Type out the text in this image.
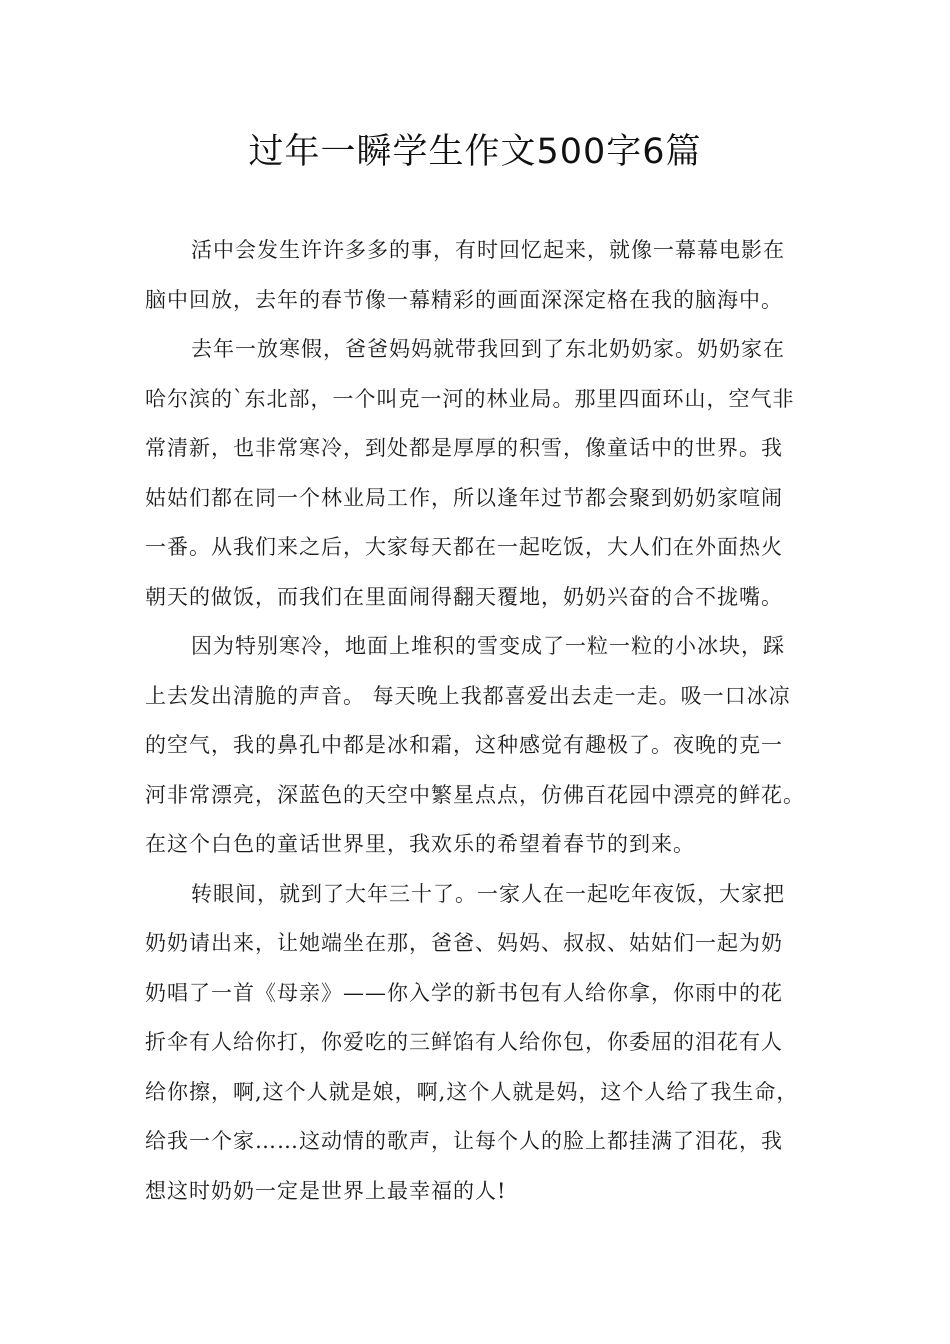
过年一瞬学生作文500字6篇

活中会发生许许多多的事，有时回忆起来，就像一幕幕电影在
脑中回放，去年的春节像一幕精彩的画面深深定格在我的脑海中。

去年一放寒假，爸爸妈妈就带我回到了东北奶奶家。奶奶家在
哈尔滨的`东北部，一个叫克一河的林业局。那里四面环山，空气非
常清新，也非常寒冷，到处都是厚厚的积雪，像童话中的世界。我
姑姑们都在同一个林业局工作，所以逢年过节都会聚到奶奶家喧闹
一番。从我们来之后，大家每天都在一起吃饭，大人们在外面热火
朝天的做饭，而我们在里面闹得翻天覆地，奶奶兴奋的合不拢嘴。

因为特别寒冷，地面上堆积的雪变成了一粒一粒的小冰块，踩
上去发出清脆的声音。 每天晚上我都喜爱出去走一走。吸一口冰凉
的空气，我的鼻孔中都是冰和霜，这种感觉有趣极了。夜晚的克一
河非常漂亮，深蓝色的天空中繁星点点，仿佛百花园中漂亮的鲜花。
在这个白色的童话世界里，我欢乐的希望着春节的到来。

转眼间，就到了大年三十了。一家人在一起吃年夜饭，大家把
奶奶请出来，让她端坐在那，爸爸、妈妈、叔叔、姑姑们一起为奶
奶唱了一首《母亲》——你入学的新书包有人给你拿，你雨中的花
折伞有人给你打，你爱吃的三鲜馅有人给你包，你委屈的泪花有人
给你擦，啊,这个人就是娘，啊,这个人就是妈，这个人给了我生命，
给我一个家……这动情的歌声，让每个人的脸上都挂满了泪花，我
想这时奶奶一定是世界上最幸福的人!
